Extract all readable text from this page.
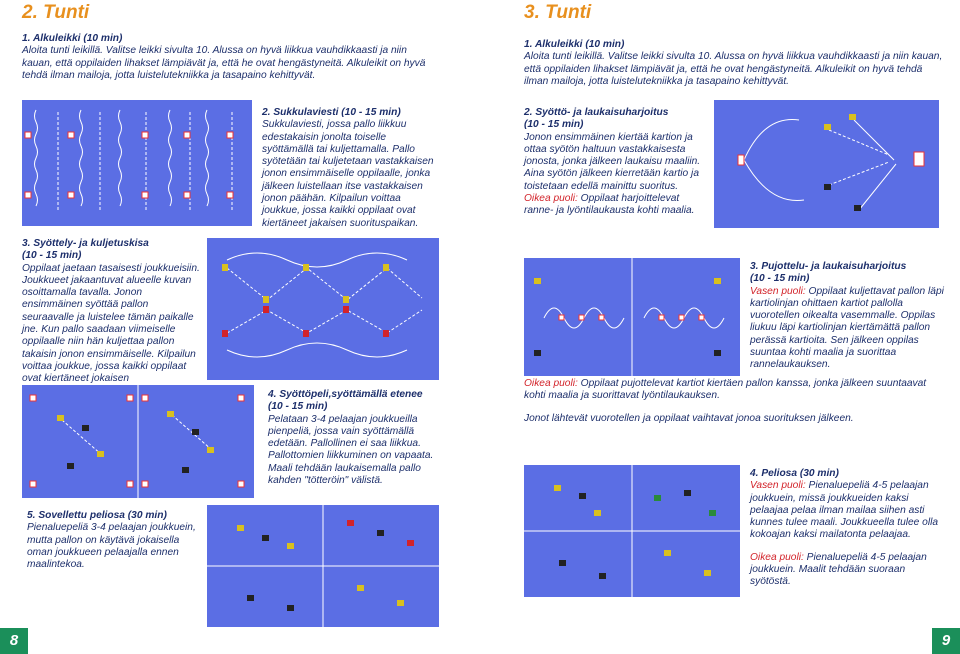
2. Tunti
1. Alkuleikki (10 min)
Aloita tunti leikillä. Valitse leikki sivulta 10. Alussa on hyvä liikkua vauhdikkaasti ja niin kauan, että oppilaiden lihakset lämpiävät ja, että he ovat hengästyneitä. Alkuleikit on hyvä tehdä ilman mailoja, jotta luistelutekniikka ja tasapaino kehittyvät.
2. Sukkulaviesti (10 - 15 min)
Sukkulaviesti, jossa pallo liikkuu edestakaisin jonolta toiselle syöttämällä tai kuljettamalla. Pallo syötetään tai kuljetetaan vastakkaisen jonon ensimmäiselle oppilaalle, jonka jälkeen luistellaan itse vastakkaisen jonon päähän. Kilpailun voittaa joukkue, jossa kaikki oppilaat ovat kiertäneet jakaisen suorituspaikan.
3. Syöttely- ja kuljetuskisa
(10 - 15 min)
Oppilaat jaetaan tasaisesti joukkueisiin. Joukkueet jakaantuvat alueelle kuvan osoittamalla tavalla. Jonon ensimmäinen syöttää pallon seuraavalle ja luistelee tämän paikalle jne. Kun pallo saadaan viimeiselle oppilaalle niin hän kuljettaa pallon takaisin jonon ensimmäiselle. Kilpailun voittaa joukkue, jossa kaikki oppilaat ovat kiertäneet jokaisen
4. Syöttöpeli,syöttämällä etenee
(10 - 15 min)
Pelataan 3-4 pelaajan joukkueilla pienpeliä, jossa vain syöttämällä edetään. Pallollinen ei saa liikkua. Pallottomien liikkuminen on vapaata. Maali tehdään laukaisemalla pallo kahden "tötteröin" välistä.
5. Sovellettu peliosa (30 min)
Pienaluepeliä 3-4 pelaajan joukkuein, mutta pallon on käytävä jokaisella oman joukkueen pelaajalla ennen maalintekoa.
8
3. Tunti
1. Alkuleikki (10 min)
Aloita tunti leikillä. Valitse leikki sivulta 10. Alussa on hyvä liikkua vauhdikkaasti ja niin kauan, että oppilaiden lihakset lämpiävät ja, että he ovat hengästyneitä. Alkuleikit on hyvä tehdä ilman mailoja, jotta luistelutekniikka ja tasapaino kehittyvät.
2. Syöttö- ja laukaisuharjoitus
(10 - 15 min)
Jonon ensimmäinen kiertää kartion ja ottaa syötön haltuun vastakkaisesta jonosta, jonka jälkeen laukaisu maaliin. Aina syötön jälkeen kierretään kartio ja toistetaan edellä mainittu suoritus.
Oikea puoli: Oppilaat harjoittelevat ranne- ja lyöntilaukausta kohti maalia.
3. Pujottelu- ja laukaisuharjoitus
(10 - 15 min)
Vasen puoli: Oppilaat kuljettavat pallon läpi kartiolinjan ohittaen kartiot pallolla vuorotellen oikealta vasemmalle. Oppilas liukuu läpi kartiolinjan kiertämättä pallon perässä kartioita. Sen jälkeen oppilas suuntaa kohti maalia ja suorittaa rannelaukauksen.
Oikea puoli: Oppilaat pujottelevat kartiot kiertäen pallon kanssa, jonka jälkeen suuntaavat kohti maalia ja suorittavat lyöntilaukauksen.
Jonot lähtevät vuorotellen ja oppilaat vaihtavat jonoa suorituksen jälkeen.
4. Peliosa (30 min)
Vasen puoli: Pienaluepeliä 4-5 pelaajan joukkuein, missä joukkueiden kaksi pelaajaa pelaa ilman mailaa siihen asti kunnes tulee maali. Joukkueella tulee olla kokoajan kaksi mailatonta pelaajaa.
Oikea puoli: Pienaluepeliä 4-5 pelaajan joukkuein. Maalit tehdään suoraan syötöstä.
9
